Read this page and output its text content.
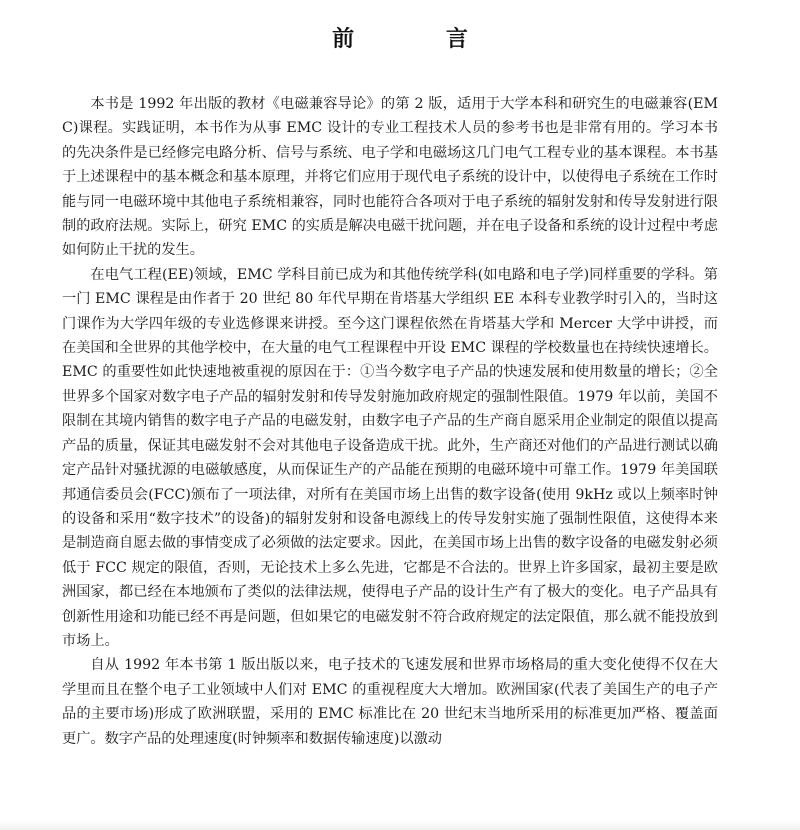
前 言

本书是 1992 年出版的教材《电磁兼容导论》的第 2 版，适用于大学本科和研究生的电磁兼容(EMC)课程。实践证明，本书作为从事 EMC 设计的专业工程技术人员的参考书也是非常有用的。学习本书的先决条件是已经修完电路分析、信号与系统、电子学和电磁场这几门电气工程专业的基本课程。本书基于上述课程中的基本概念和基本原理，并将它们应用于现代电子系统的设计中，以使得电子系统在工作时能与同一电磁环境中其他电子系统相兼容，同时也能符合各项对于电子系统的辐射发射和传导发射进行限制的政府法规。实际上，研究 EMC 的实质是解决电磁干扰问题，并在电子设备和系统的设计过程中考虑如何防止干扰的发生。

在电气工程(EE)领域，EMC 学科目前已成为和其他传统学科(如电路和电子学)同样重要的学科。第一门 EMC 课程是由作者于 20 世纪 80 年代早期在肯塔基大学组织 EE 本科专业教学时引入的，当时这门课作为大学四年级的专业选修课来讲授。至今这门课程依然在肯塔基大学和 Mercer 大学中讲授，而在美国和全世界的其他学校中，在大量的电气工程课程中开设 EMC 课程的学校数量也在持续快速增长。EMC 的重要性如此快速地被重视的原因在于：①当今数字电子产品的快速发展和使用数量的增长；②全世界多个国家对数字电子产品的辐射发射和传导发射施加政府规定的强制性限值。1979 年以前，美国不限制在其境内销售的数字电子产品的电磁发射，由数字电子产品的生产商自愿采用企业制定的限值以提高产品的质量，保证其电磁发射不会对其他电子设备造成干扰。此外，生产商还对他们的产品进行测试以确定产品针对骚扰源的电磁敏感度，从而保证生产的产品能在预期的电磁环境中可靠工作。1979 年美国联邦通信委员会(FCC)颁布了一项法律，对所有在美国市场上出售的数字设备(使用 9kHz 或以上频率时钟的设备和采用“数字技术”的设备)的辐射发射和设备电源线上的传导发射实施了强制性限值，这使得本来是制造商自愿去做的事情变成了必须做的法定要求。因此，在美国市场上出售的数字设备的电磁发射必须低于 FCC 规定的限值，否则，无论技术上多么先进，它都是不合法的。世界上许多国家，最初主要是欧洲国家，都已经在本地颁布了类似的法律法规，使得电子产品的设计生产有了极大的变化。电子产品具有创新性用途和功能已经不再是问题，但如果它的电磁发射不符合政府规定的法定限值，那么就不能投放到市场上。

自从 1992 年本书第 1 版出版以来，电子技术的飞速发展和世界市场格局的重大变化使得不仅在大学里而且在整个电子工业领域中人们对 EMC 的重视程度大大增加。欧洲国家(代表了美国生产的电子产品的主要市场)形成了欧洲联盟，采用的 EMC 标准比在 20 世纪末当地所采用的标准更加严格、覆盖面更广。数字产品的处理速度(时钟频率和数据传输速度)以激动
